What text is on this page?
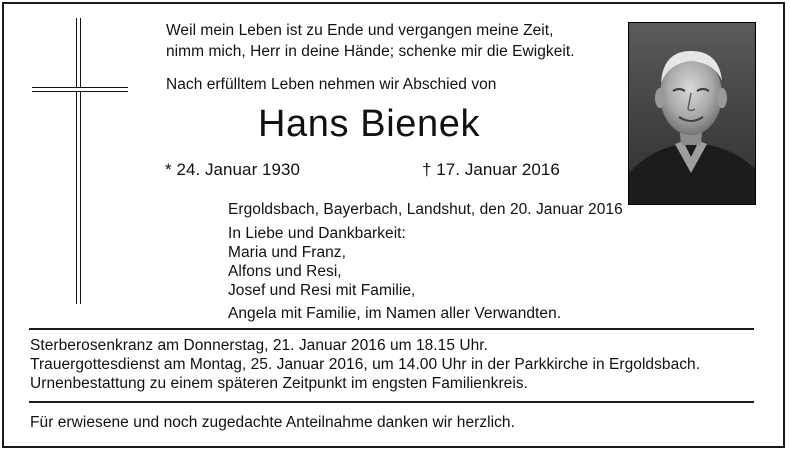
Weil mein Leben ist zu Ende und vergangen meine Zeit,
nimm mich, Herr in deine Hände; schenke mir die Ewigkeit.
Nach erfülltem Leben nehmen wir Abschied von
Hans Bienek
* 24. Januar 1930	† 17. Januar 2016
Ergoldsbach, Bayerbach, Landshut, den 20. Januar 2016
In Liebe und Dankbarkeit:
Maria und Franz,
Alfons und Resi,
Josef und Resi mit Familie,
Angela mit Familie, im Namen aller Verwandten.
Sterberosenkranz am Donnerstag, 21. Januar 2016 um 18.15 Uhr.
Trauergottesdienst am Montag, 25. Januar 2016, um 14.00 Uhr in der Parkkirche in Ergoldsbach.
Urnenbestattung zu einem späteren Zeitpunkt im engsten Familienkreis.
Für erwiesene und noch zugedachte Anteilnahme danken wir herzlich.
